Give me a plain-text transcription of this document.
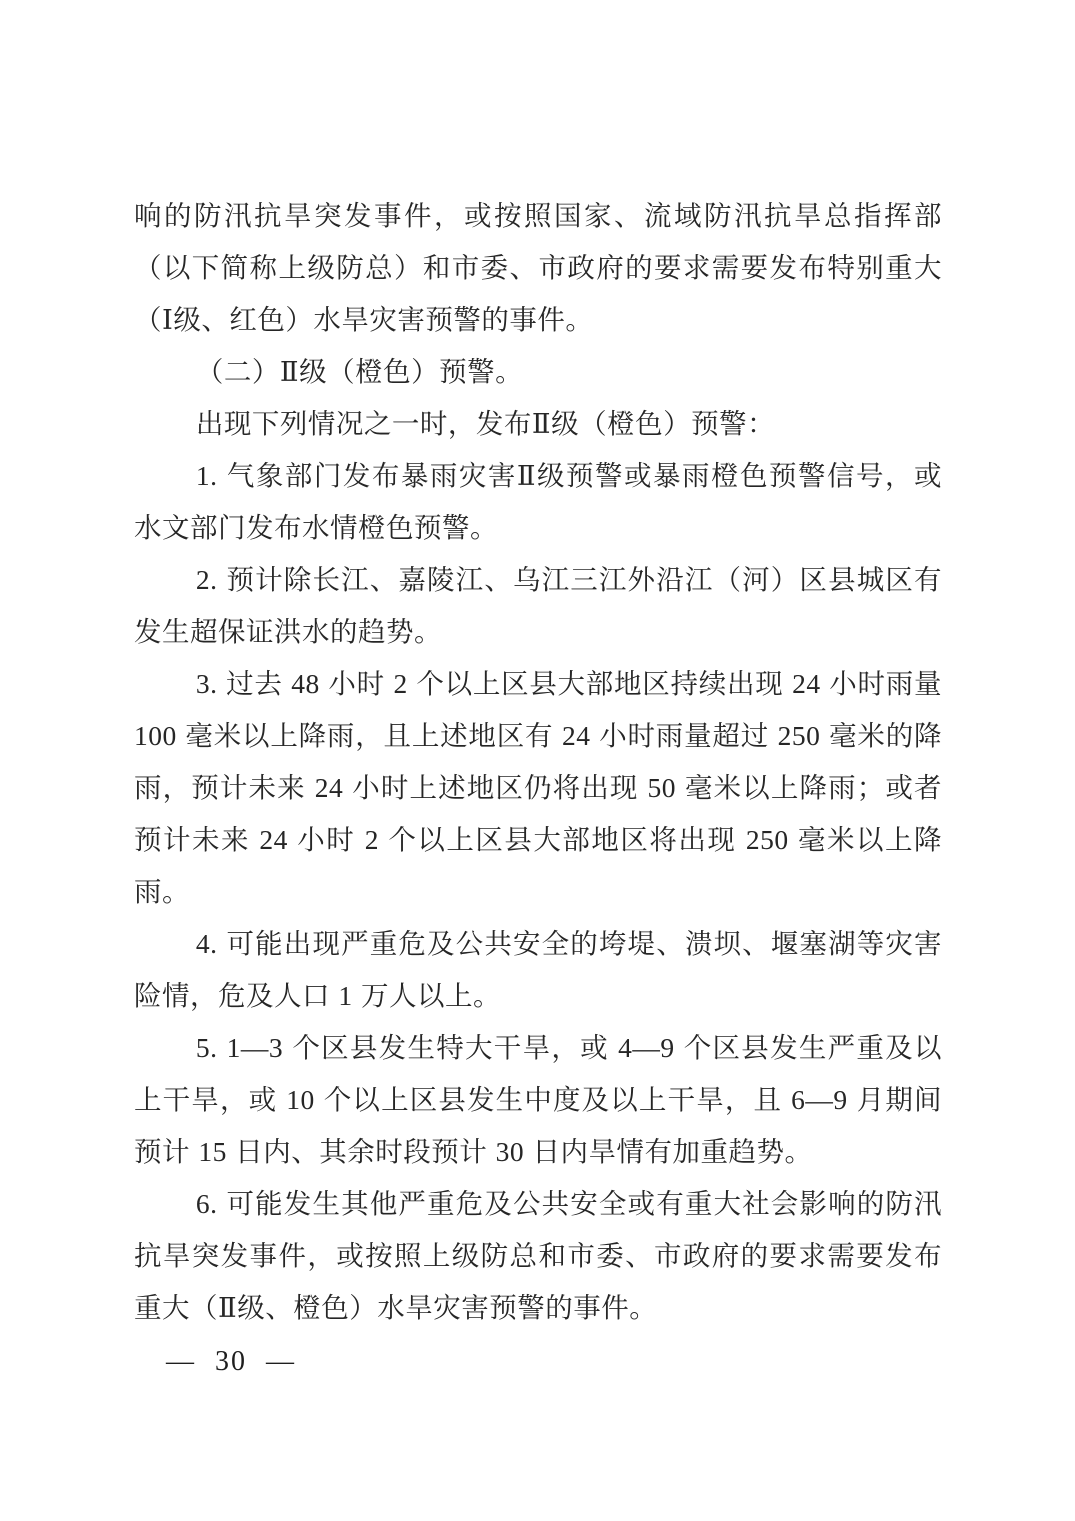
响的防汛抗旱突发事件，或按照国家、流域防汛抗旱总指挥部（以下简称上级防总）和市委、市政府的要求需要发布特别重大（Ⅰ级、红色）水旱灾害预警的事件。

（二）Ⅱ级（橙色）预警。

出现下列情况之一时，发布Ⅱ级（橙色）预警：

1. 气象部门发布暴雨灾害Ⅱ级预警或暴雨橙色预警信号，或水文部门发布水情橙色预警。

2. 预计除长江、嘉陵江、乌江三江外沿江（河）区县城区有发生超保证洪水的趋势。

3. 过去 48 小时 2 个以上区县大部地区持续出现 24 小时雨量 100 毫米以上降雨，且上述地区有 24 小时雨量超过 250 毫米的降雨，预计未来 24 小时上述地区仍将出现 50 毫米以上降雨；或者预计未来 24 小时 2 个以上区县大部地区将出现 250 毫米以上降雨。

4. 可能出现严重危及公共安全的垮堤、溃坝、堰塞湖等灾害险情，危及人口 1 万人以上。

5. 1—3 个区县发生特大干旱，或 4—9 个区县发生严重及以上干旱，或 10 个以上区县发生中度及以上干旱，且 6—9 月期间预计 15 日内、其余时段预计 30 日内旱情有加重趋势。

6. 可能发生其他严重危及公共安全或有重大社会影响的防汛抗旱突发事件，或按照上级防总和市委、市政府的要求需要发布重大（Ⅱ级、橙色）水旱灾害预警的事件。

— 30 —
